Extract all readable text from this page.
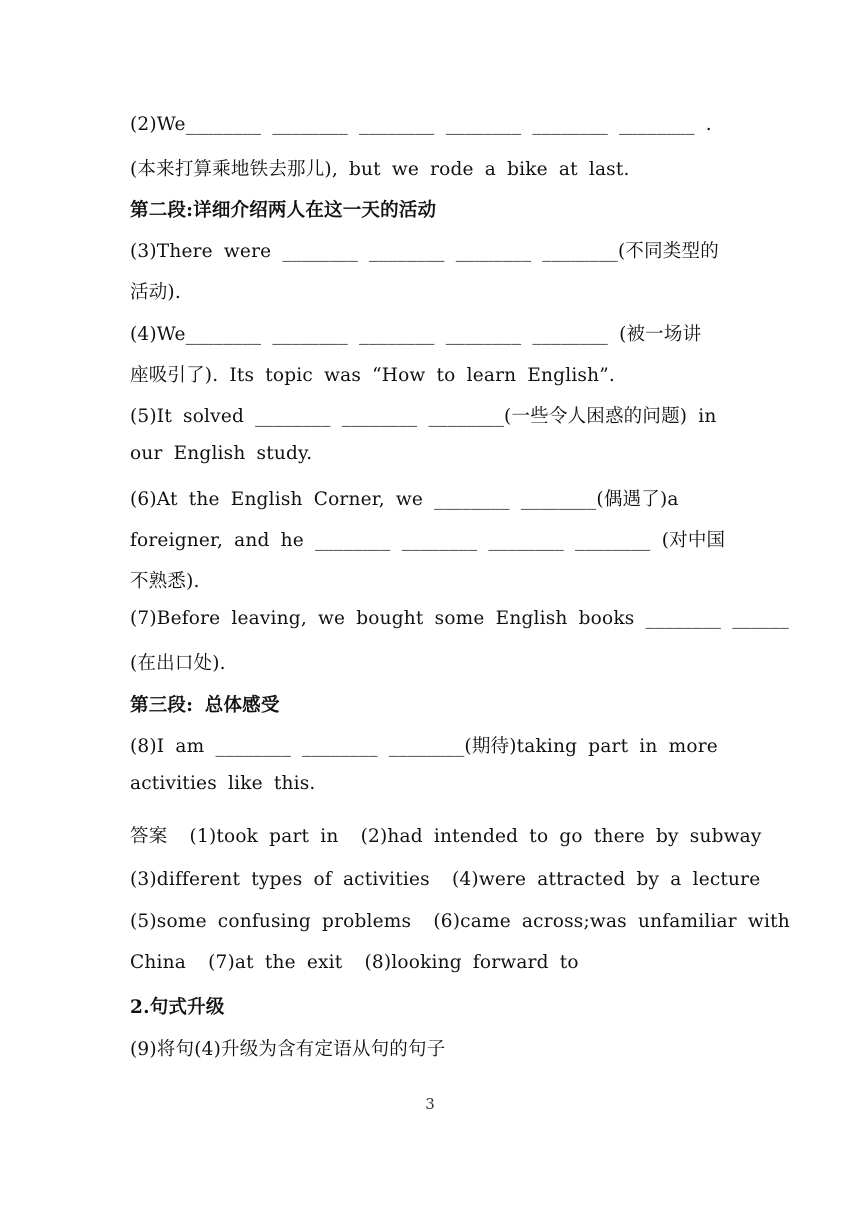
(2)We________ ________ ________ ________ ________ ________ .
(本来打算乘地铁去那儿), but we rode a bike at last.
第二段:详细介绍两人在这一天的活动
(3)There were ________ ________ ________ ________(不同类型的
活动).
(4)We________ ________ ________ ________ ________ (被一场讲
座吸引了). Its topic was “How to learn English”.
(5)It solved ________ ________ ________(一些令人困惑的问题) in
our English study.
(6)At the English Corner, we ________ ________(偶遇了)a
foreigner, and he ________ ________ ________ ________ (对中国
不熟悉).
(7)Before leaving, we bought some English books ________ ______
(在出口处).
第三段: 总体感受
(8)I am ________ ________ ________(期待)taking part in more
activities like this.
答案  (1)took part in  (2)had intended to go there by subway
(3)different types of activities  (4)were attracted by a lecture
(5)some confusing problems  (6)came across;was unfamiliar with
China  (7)at the exit  (8)looking forward to
2.句式升级
(9)将句(4)升级为含有定语从句的句子
3
